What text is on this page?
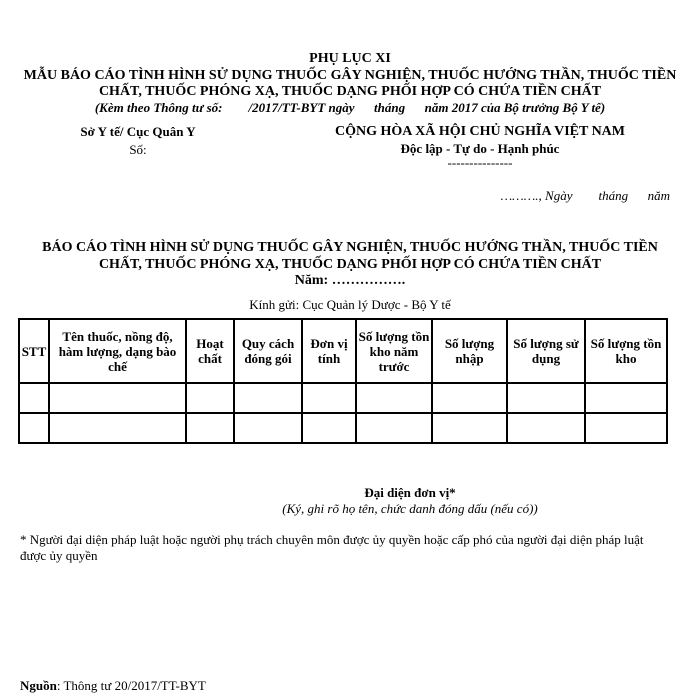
PHỤ LỤC XI
MẪU BÁO CÁO TÌNH HÌNH SỬ DỤNG THUỐC GÂY NGHIỆN, THUỐC HƯỚNG THẦN, THUỐC TIỀN
CHẤT, THUỐC PHÓNG XẠ, THUỐC DẠNG PHỐI HỢP CÓ CHỨA TIỀN CHẤT
(Kèm theo Thông tư số:        /2017/TT-BYT ngày      tháng      năm 2017 của Bộ trưởng Bộ Y tế)
Sở Y tế/ Cục Quân Y
Số:
CỘNG HÒA XÃ HỘI CHỦ NGHĨA VIỆT NAM
Độc lập - Tự do - Hạnh phúc
---------------
………., Ngày        tháng      năm
BÁO CÁO TÌNH HÌNH SỬ DỤNG THUỐC GÂY NGHIỆN, THUỐC HƯỚNG THẦN, THUỐC TIỀN
CHẤT, THUỐC PHÓNG XẠ, THUỐC DẠNG PHỐI HỢP CÓ CHỨA TIỀN CHẤT
Năm: …………….
Kính gửi: Cục Quản lý Dược - Bộ Y tế
STT	Tên thuốc, nồng độ, hàm lượng, dạng bào chế	Hoạt chất	Quy cách đóng gói	Đơn vị tính	Số lượng tồn kho năm trước	Số lượng nhập	Số lượng sử dụng	Số lượng tồn kho

Đại diện đơn vị*
(Ký, ghi rõ họ tên, chức danh đóng dấu (nếu có))
* Người đại diện pháp luật hoặc người phụ trách chuyên môn được ủy quyền hoặc cấp phó của người đại diện pháp luật được ủy quyền
Nguồn: Thông tư 20/2017/TT-BYT
